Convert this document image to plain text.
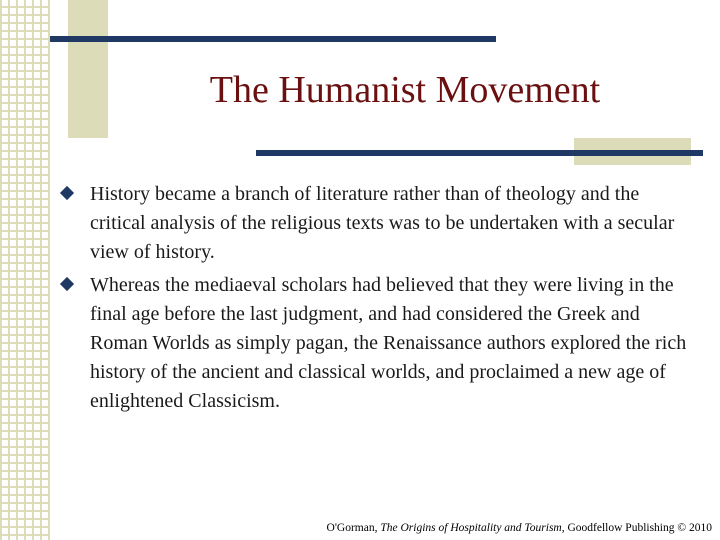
The Humanist Movement
History became a branch of literature rather than of theology and the critical analysis of the religious texts was to be undertaken with a secular view of history.
Whereas the mediaeval scholars had believed that they were living in the final age before the last judgment, and had considered the Greek and Roman Worlds as simply pagan, the Renaissance authors explored the rich history of the ancient and classical worlds, and proclaimed a new age of enlightened Classicism.
O'Gorman, The Origins of Hospitality and Tourism, Goodfellow Publishing © 2010
